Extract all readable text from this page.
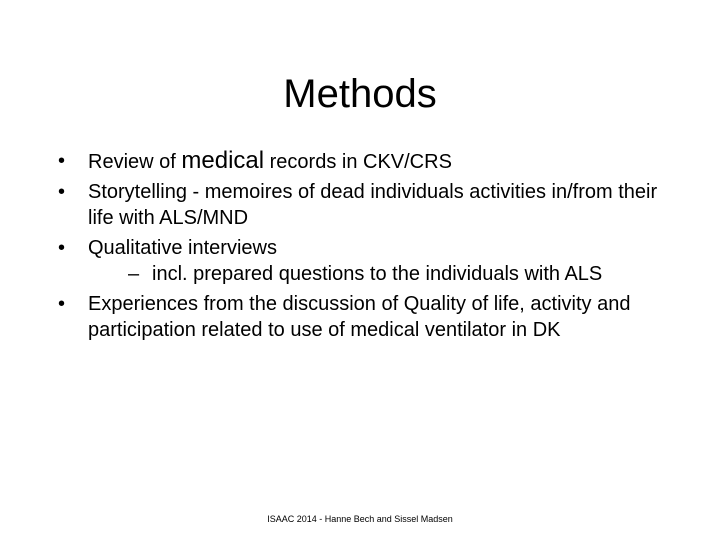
Methods
•	Review of medical records in CKV/CRS
•	Storytelling - memoires of dead individuals activities in/from their life with ALS/MND
•	Qualitative interviews
– incl. prepared questions to the individuals with ALS
•	Experiences from the discussion of Quality of life, activity and participation related to use of medical ventilator in DK

ISAAC 2014 - Hanne Bech and Sissel Madsen
